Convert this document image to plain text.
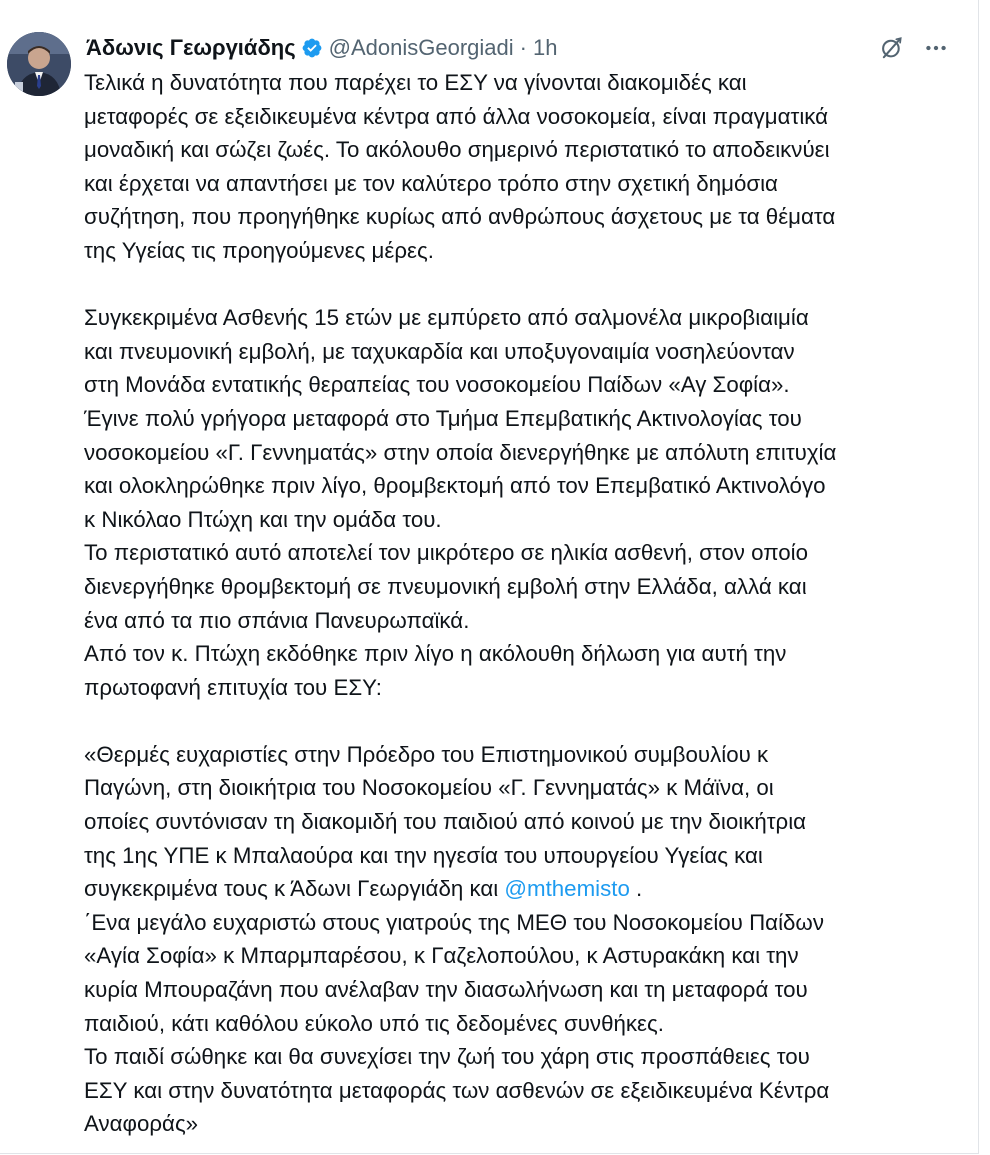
Άδωνις Γεωργιάδης @AdonisGeorgiadi · 1h

Τελικά η δυνατότητα που παρέχει το ΕΣΥ να γίνονται διακομιδές και

μεταφορές σε εξειδικευμένα κέντρα από άλλα νοσοκομεία, είναι πραγματικά

μοναδική και σώζει ζωές. Το ακόλουθο σημερινό περιστατικό το αποδεικνύει

και έρχεται να απαντήσει με τον καλύτερο τρόπο στην σχετική δημόσια

συζήτηση, που προηγήθηκε κυρίως από ανθρώπους άσχετους με τα θέματα

της Υγείας τις προηγούμενες μέρες.

Συγκεκριμένα Ασθενής 15 ετών με εμπύρετο από σαλμονέλα μικροβιαιμία

και πνευμονική εμβολή, με ταχυκαρδία και υποξυγοναιμία νοσηλεύονταν

στη Μονάδα εντατικής θεραπείας του νοσοκομείου Παίδων «Αγ Σοφία».

Έγινε πολύ γρήγορα μεταφορά στο Τμήμα Επεμβατικής Ακτινολογίας του

νοσοκομείου «Γ. Γεννηματάς» στην οποία διενεργήθηκε με απόλυτη επιτυχία

και ολοκληρώθηκε πριν λίγο, θρομβεκτομή από τον Επεμβατικό Ακτινολόγο

κ Νικόλαο Πτώχη και την ομάδα του.

Το περιστατικό αυτό αποτελεί τον μικρότερο σε ηλικία ασθενή, στον οποίο

διενεργήθηκε θρομβεκτομή σε πνευμονική εμβολή στην Ελλάδα, αλλά και

ένα από τα πιο σπάνια Πανευρωπαϊκά.

Από τον κ. Πτώχη εκδόθηκε πριν λίγο η ακόλουθη δήλωση για αυτή την

πρωτοφανή επιτυχία του ΕΣΥ:

«Θερμές ευχαριστίες στην Πρόεδρο του Επιστημονικού συμβουλίου κ

Παγώνη, στη διοικήτρια του Νοσοκομείου «Γ. Γεννηματάς» κ Μάϊνα, οι

οποίες συντόνισαν τη διακομιδή του παιδιού από κοινού με την διοικήτρια

της 1ης ΥΠΕ κ Μπαλαούρα και την ηγεσία του υπουργείου Υγείας και

συγκεκριμένα τους κ Άδωνι Γεωργιάδη και @mthemisto .

΄Ενα μεγάλο ευχαριστώ στους γιατρούς της ΜΕΘ του Νοσοκομείου Παίδων

«Αγία Σοφία» κ Μπαρμπαρέσου, κ Γαζελοπούλου, κ Αστυρακάκη και την

κυρία Μπουραζάνη που ανέλαβαν την διασωλήνωση και τη μεταφορά του

παιδιού, κάτι καθόλου εύκολο υπό τις δεδομένες συνθήκες.

Το παιδί σώθηκε και θα συνεχίσει την ζωή του χάρη στις προσπάθειες του

ΕΣΥ και στην δυνατότητα μεταφοράς των ασθενών σε εξειδικευμένα Κέντρα

Αναφοράς»
